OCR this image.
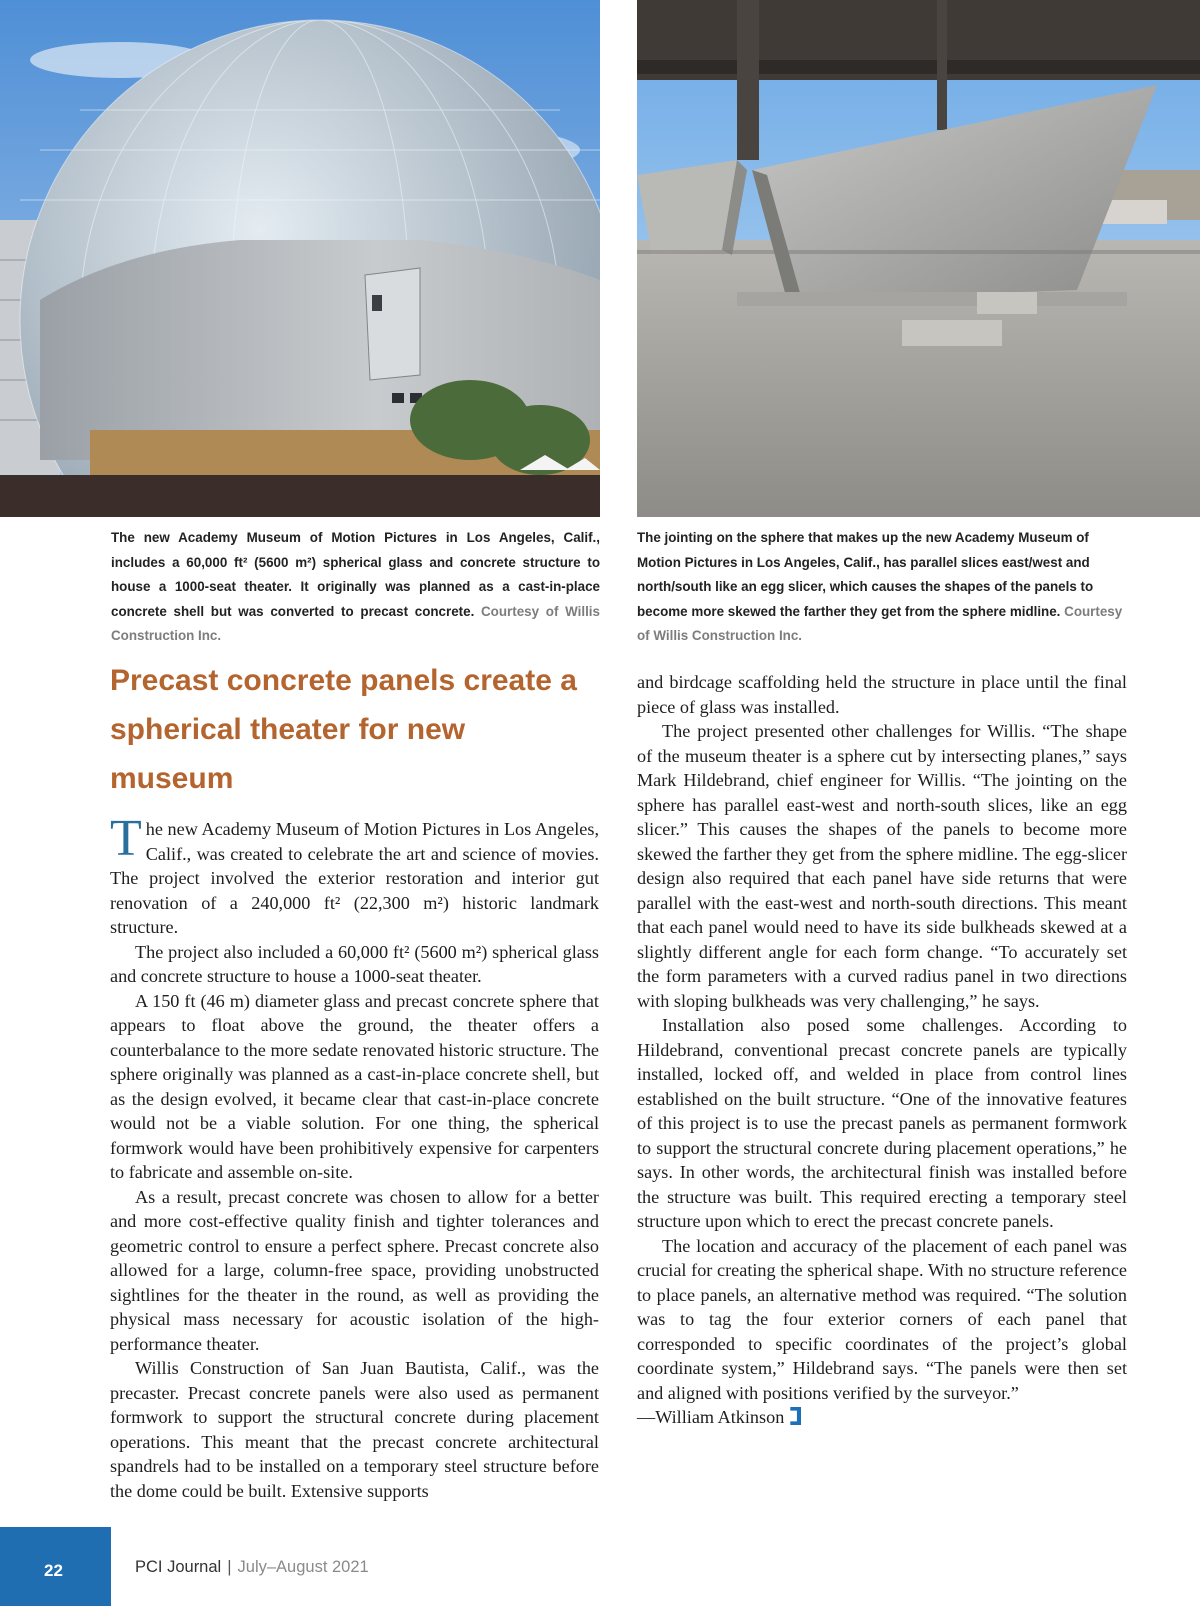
The new Academy Museum of Motion Pictures in Los Angeles, Calif., includes a 60,000 ft² (5600 m²) spherical glass and concrete structure to house a 1000-seat theater. It originally was planned as a cast-in-place concrete shell but was converted to precast concrete. Courtesy of Willis Construction Inc.
The jointing on the sphere that makes up the new Academy Museum of Motion Pictures in Los Angeles, Calif., has parallel slices east/west and north/south like an egg slicer, which causes the shapes of the panels to become more skewed the farther they get from the sphere midline. Courtesy of Willis Construction Inc.
Precast concrete panels create a spherical theater for new museum

The new Academy Museum of Motion Pictures in Los Angeles, Calif., was created to celebrate the art and science of movies. The project involved the exterior restoration and interior gut renovation of a 240,000 ft² (22,300 m²) historic landmark structure.

The project also included a 60,000 ft² (5600 m²) spherical glass and concrete structure to house a 1000-seat theater.

A 150 ft (46 m) diameter glass and precast concrete sphere that appears to float above the ground, the theater offers a counterbalance to the more sedate renovated historic structure. The sphere originally was planned as a cast-in-place concrete shell, but as the design evolved, it became clear that cast-in-place concrete would not be a viable solution. For one thing, the spherical formwork would have been prohibitively expensive for carpenters to fabricate and assemble on-site.

As a result, precast concrete was chosen to allow for a better and more cost-effective quality finish and tighter tolerances and geometric control to ensure a perfect sphere. Precast concrete also allowed for a large, column-free space, providing unobstructed sightlines for the theater in the round, as well as providing the physical mass necessary for acoustic isolation of the high-performance theater.

Willis Construction of San Juan Bautista, Calif., was the precaster. Precast concrete panels were also used as permanent formwork to support the structural concrete during placement operations. This meant that the precast concrete architectural spandrels had to be installed on a temporary steel structure before the dome could be built. Extensive supports

and birdcage scaffolding held the structure in place until the final piece of glass was installed.

The project presented other challenges for Willis. “The shape of the museum theater is a sphere cut by intersecting planes,” says Mark Hildebrand, chief engineer for Willis. “The jointing on the sphere has parallel east-west and north-south slices, like an egg slicer.” This causes the shapes of the panels to become more skewed the farther they get from the sphere midline. The egg-slicer design also required that each panel have side returns that were parallel with the east-west and north-south directions. This meant that each panel would need to have its side bulkheads skewed at a slightly different angle for each form change. “To accurately set the form parameters with a curved radius panel in two directions with sloping bulkheads was very challenging,” he says.

Installation also posed some challenges. According to Hildebrand, conventional precast concrete panels are typically installed, locked off, and welded in place from control lines established on the built structure. “One of the innovative features of this project is to use the precast panels as permanent formwork to support the structural concrete during placement operations,” he says. In other words, the architectural finish was installed before the structure was built. This required erecting a temporary steel structure upon which to erect the precast concrete panels.

The location and accuracy of the placement of each panel was crucial for creating the spherical shape. With no structure reference to place panels, an alternative method was required. “The solution was to tag the four exterior corners of each panel that corresponded to specific coordinates of the project’s global coordinate system,” Hildebrand says. “The panels were then set and aligned with positions verified by the surveyor.”

—William Atkinson

22	PCI Journal | July–August 2021
